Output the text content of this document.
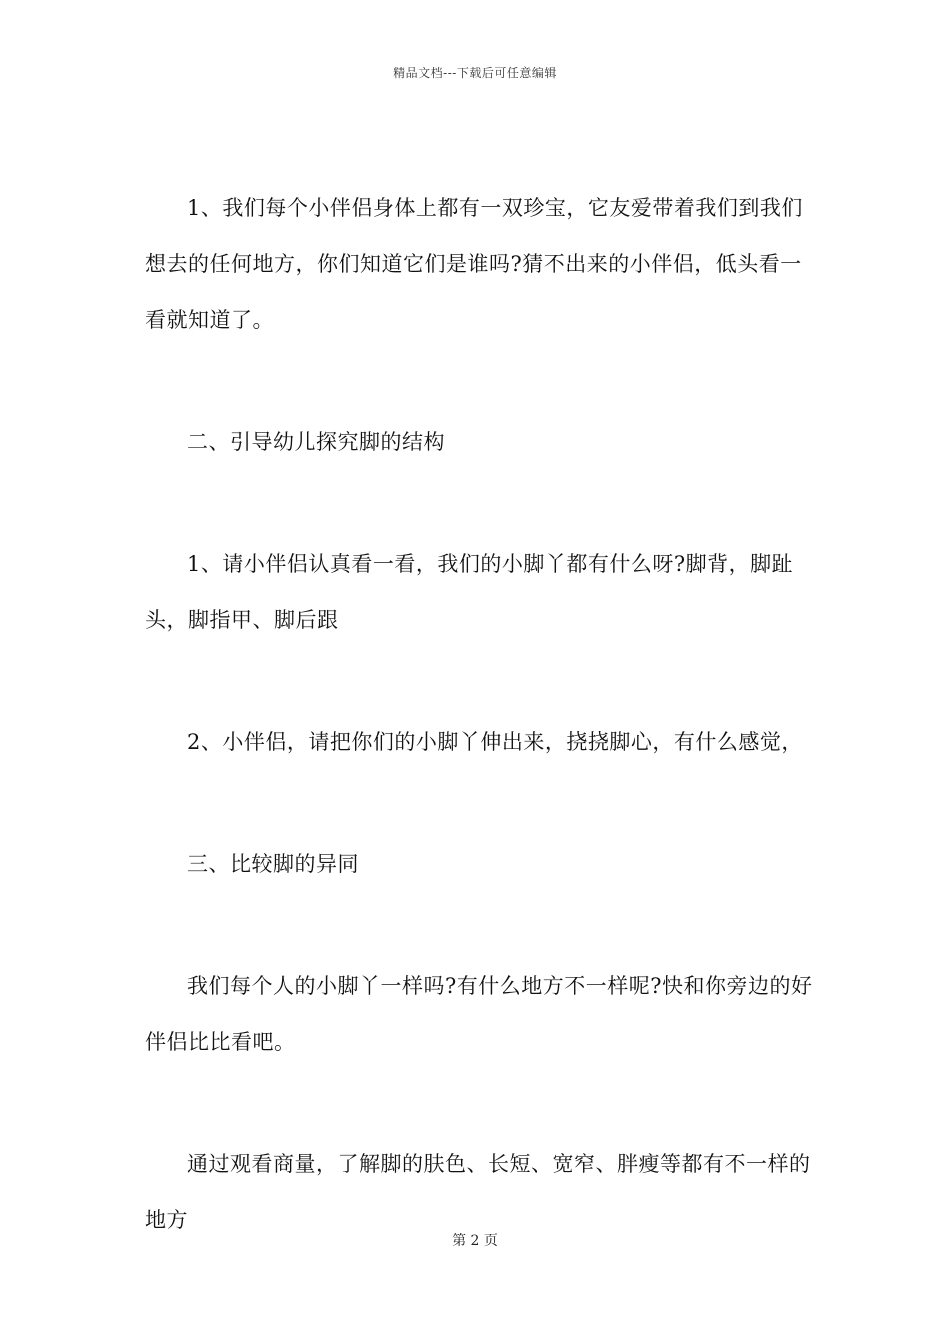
精品文档---下载后可任意编辑

1、我们每个小伴侣身体上都有一双珍宝，它友爱带着我们到我们想去的任何地方，你们知道它们是谁吗?猜不出来的小伴侣，低头看一看就知道了。

二、引导幼儿探究脚的结构

1、请小伴侣认真看一看，我们的小脚丫都有什么呀?脚背，脚趾头，脚指甲、脚后跟

2、小伴侣，请把你们的小脚丫伸出来，挠挠脚心，有什么感觉，

三、比较脚的异同

我们每个人的小脚丫一样吗?有什么地方不一样呢?快和你旁边的好伴侣比比看吧。

通过观看商量，了解脚的肤色、长短、宽窄、胖瘦等都有不一样的地方

第 2 页
